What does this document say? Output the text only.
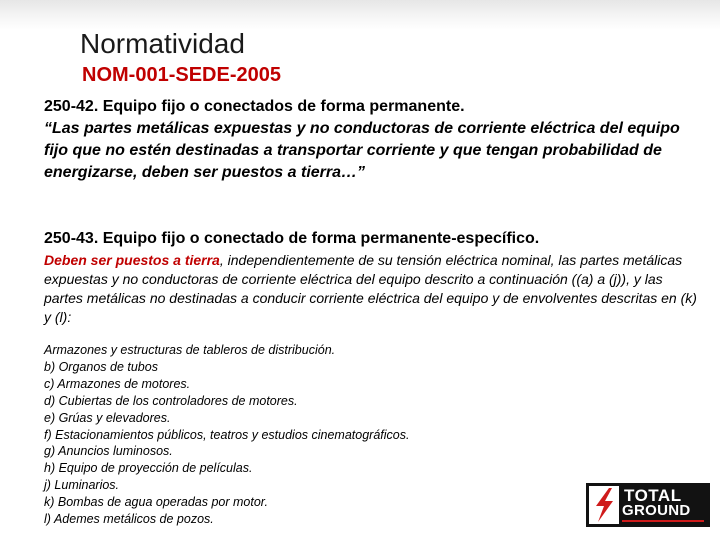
Normatividad
NOM-001-SEDE-2005
250-42. Equipo fijo o conectados de forma permanente.
“Las partes metálicas expuestas y no conductoras de corriente eléctrica del equipo fijo que no estén destinadas a transportar corriente y que tengan probabilidad de energizarse, deben ser puestos a tierra…”
250-43. Equipo fijo o conectado de forma permanente-específico.
Deben ser puestos a tierra, independientemente de su tensión eléctrica nominal, las partes metálicas expuestas y no conductoras de corriente eléctrica del equipo descrito a continuación ((a) a (j)), y las partes metálicas no destinadas a conducir corriente eléctrica del equipo y de envolventes descritas en (k) y (l):
Armazones y estructuras de tableros de distribución.
b) Organos de tubos
c) Armazones de motores.
d) Cubiertas de los controladores de motores.
e) Grúas y elevadores.
f) Estacionamientos públicos, teatros y estudios cinematográficos.
g) Anuncios luminosos.
h) Equipo de proyección de películas.
j) Luminarios.
k) Bombas de agua operadas por motor.
l) Ademes metálicos de pozos.
TOTAL
GROUND
